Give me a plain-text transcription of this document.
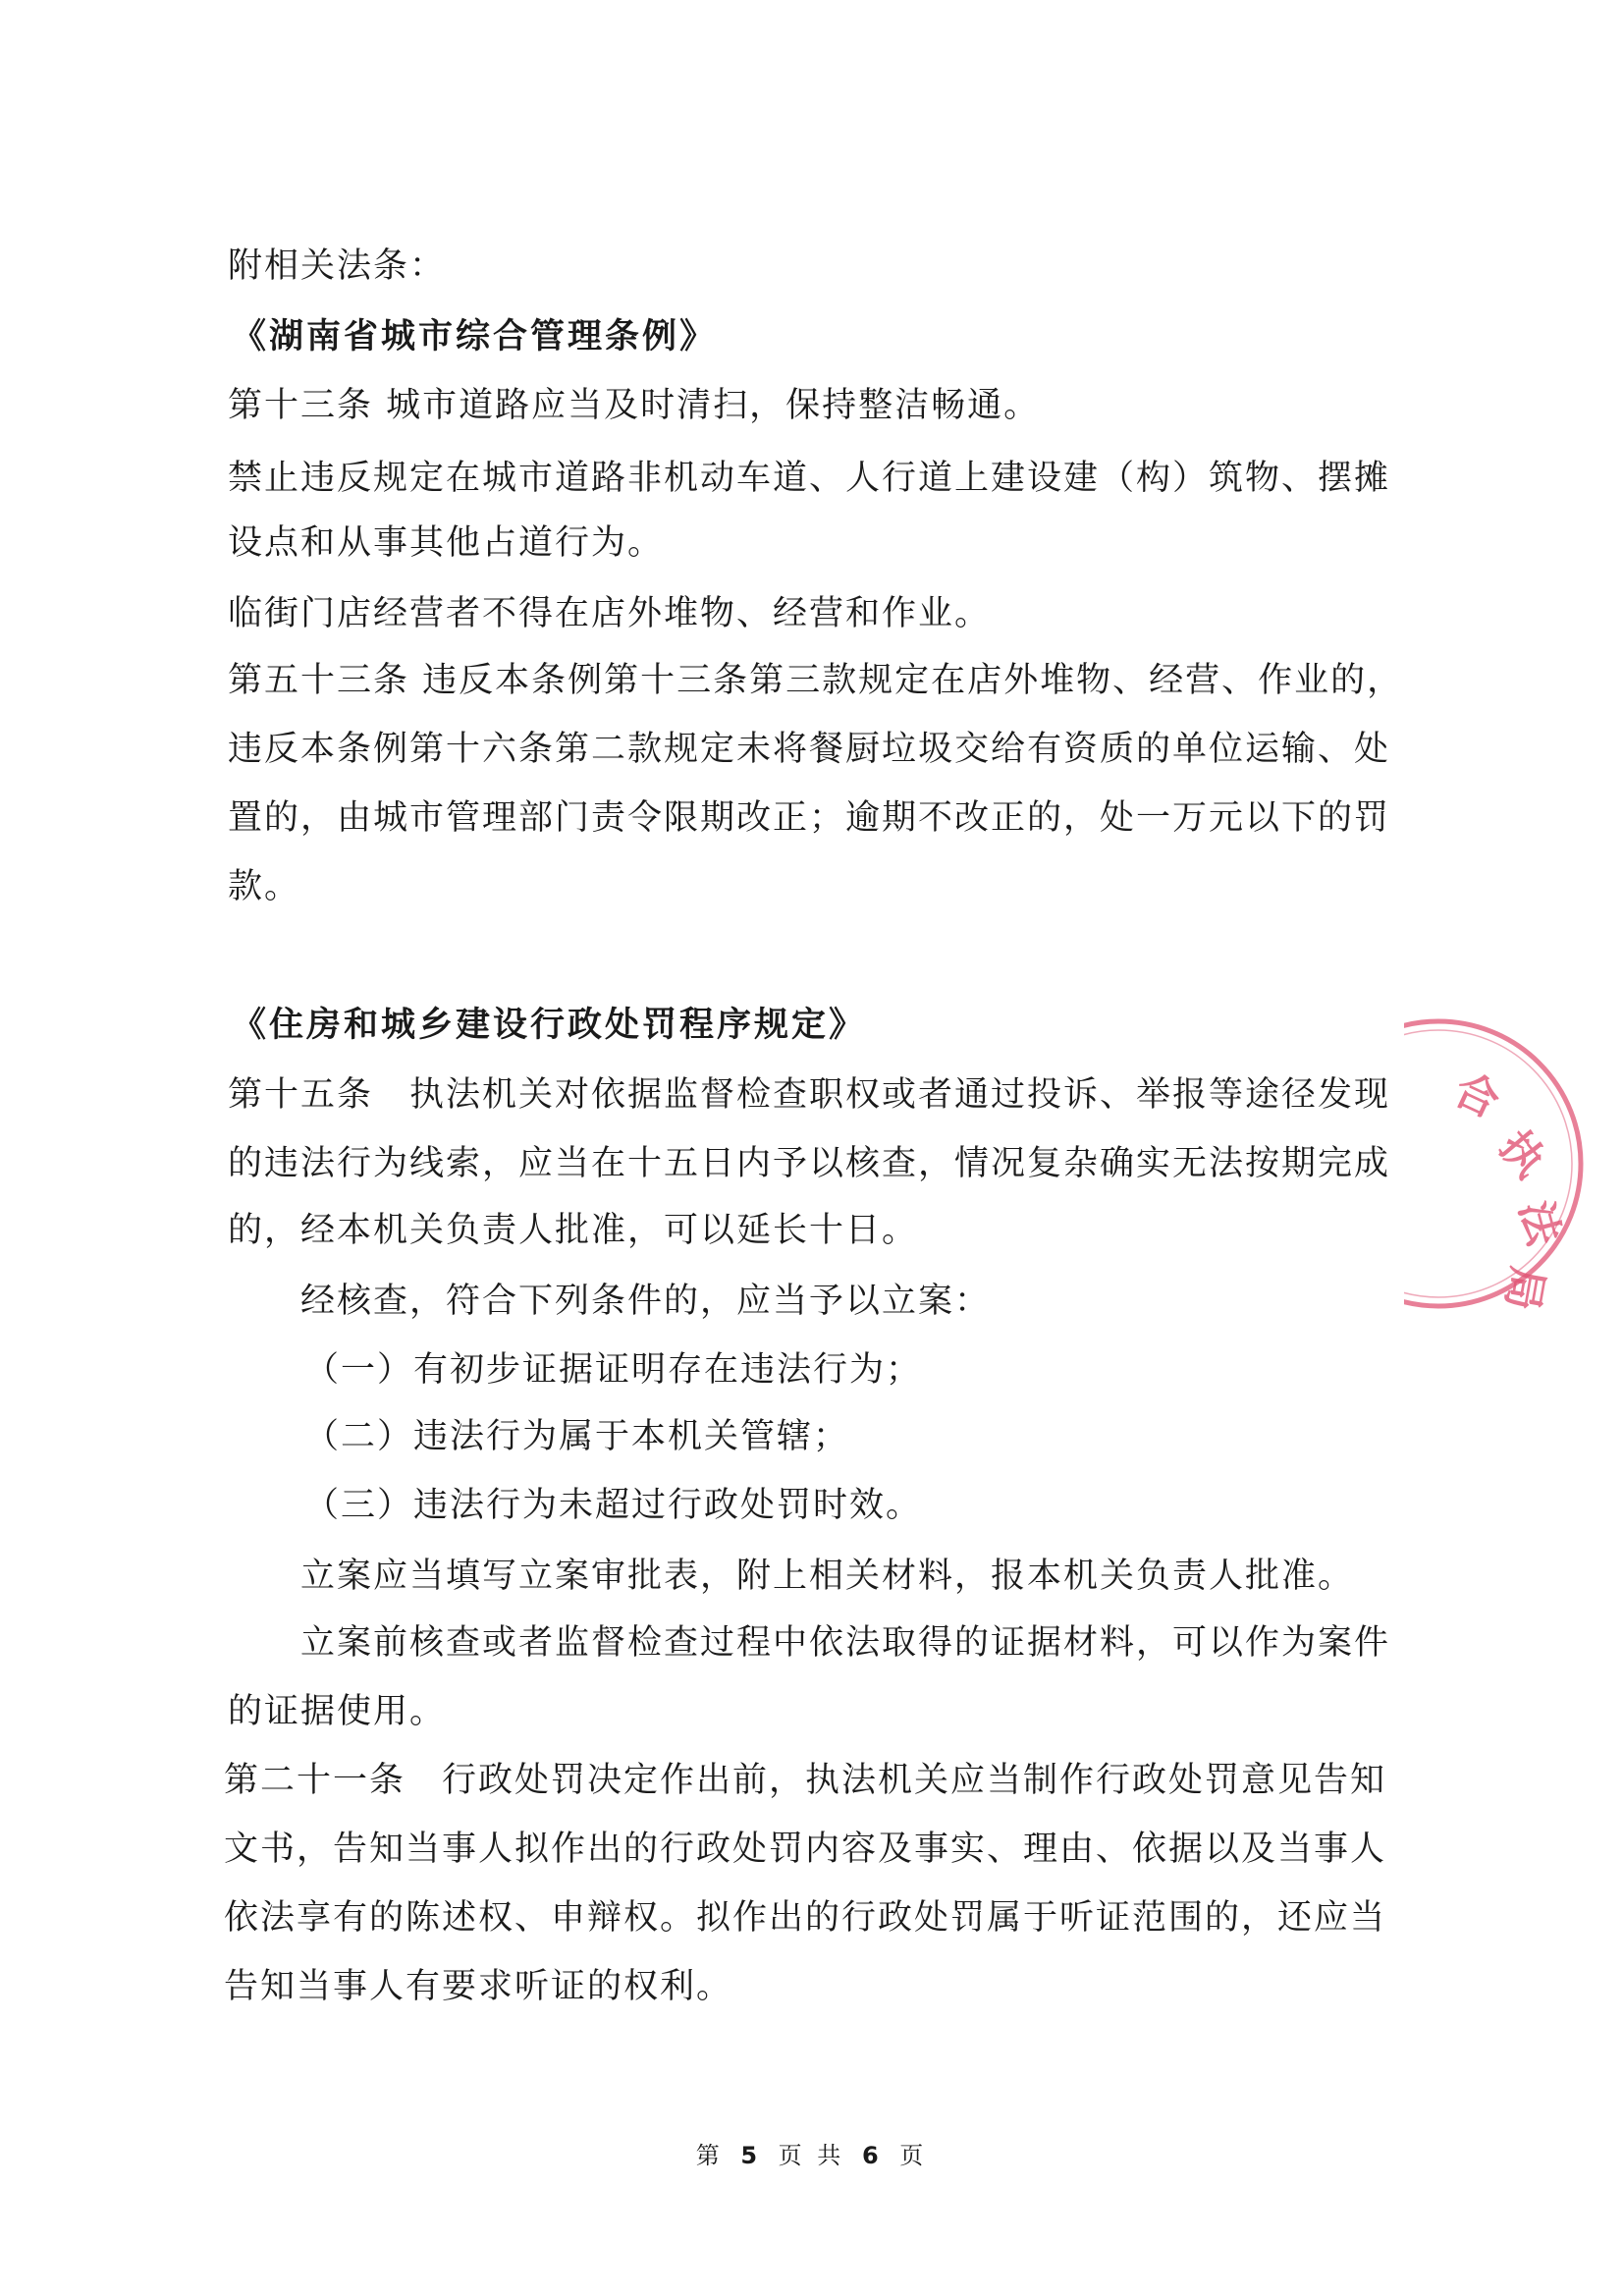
附相关法条：
《湖南省城市综合管理条例》
第十三条 城市道路应当及时清扫，保持整洁畅通。
禁止违反规定在城市道路非机动车道、人行道上建设建（构）筑物、摆摊
设点和从事其他占道行为。
临街门店经营者不得在店外堆物、经营和作业。
第五十三条 违反本条例第十三条第三款规定在店外堆物、经营、作业的，
违反本条例第十六条第二款规定未将餐厨垃圾交给有资质的单位运输、处
置的，由城市管理部门责令限期改正；逾期不改正的，处一万元以下的罚
款。
《住房和城乡建设行政处罚程序规定》
第十五条　执法机关对依据监督检查职权或者通过投诉、举报等途径发现
的违法行为线索，应当在十五日内予以核查，情况复杂确实无法按期完成
的，经本机关负责人批准，可以延长十日。
经核查，符合下列条件的，应当予以立案：
（一）有初步证据证明存在违法行为；
（二）违法行为属于本机关管辖；
（三）违法行为未超过行政处罚时效。
立案应当填写立案审批表，附上相关材料，报本机关负责人批准。
立案前核查或者监督检查过程中依法取得的证据材料，可以作为案件
的证据使用。
第二十一条　行政处罚决定作出前，执法机关应当制作行政处罚意见告知
文书，告知当事人拟作出的行政处罚内容及事实、理由、依据以及当事人
依法享有的陈述权、申辩权。拟作出的行政处罚属于听证范围的，还应当
告知当事人有要求听证的权利。
合
执
法
局
第 5 页 共 6 页
